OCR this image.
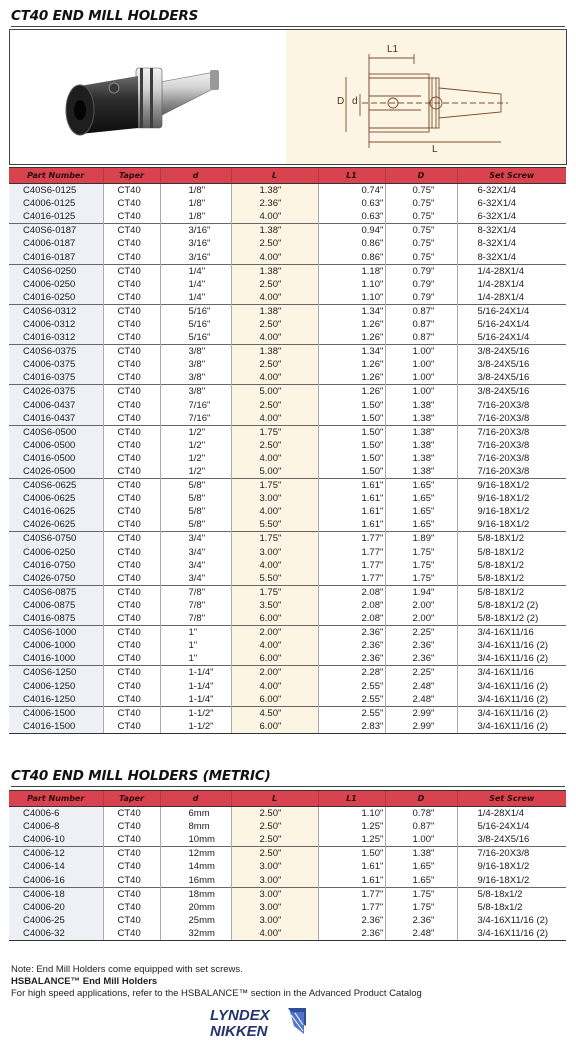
CT40 END MILL HOLDERS
L1
D d
L
Part Number	Taper	d	L	L1	D	Set Screw
C40S6-0125	CT40	1/8"	1.38"	0.74"	0.75"	6-32X1/4
C4006-0125	CT40	1/8"	2.36"	0.63"	0.75"	6-32X1/4
C4016-0125	CT40	1/8"	4.00"	0.63"	0.75"	6-32X1/4
C40S6-0187	CT40	3/16"	1.38"	0.94"	0.75"	8-32X1/4
C4006-0187	CT40	3/16"	2.50"	0.86"	0.75"	8-32X1/4
C4016-0187	CT40	3/16"	4.00"	0.86"	0.75"	8-32X1/4
C40S6-0250	CT40	1/4"	1.38"	1.18"	0.79"	1/4-28X1/4
C4006-0250	CT40	1/4"	2.50"	1.10"	0.79"	1/4-28X1/4
C4016-0250	CT40	1/4"	4.00"	1.10"	0.79"	1/4-28X1/4
C40S6-0312	CT40	5/16"	1.38"	1.34"	0.87"	5/16-24X1/4
C4006-0312	CT40	5/16"	2.50"	1.26"	0.87"	5/16-24X1/4
C4016-0312	CT40	5/16"	4.00"	1.26"	0.87"	5/16-24X1/4
C40S6-0375	CT40	3/8"	1.38"	1.34"	1.00"	3/8-24X5/16
C4006-0375	CT40	3/8"	2.50"	1.26"	1.00"	3/8-24X5/16
C4016-0375	CT40	3/8"	4.00"	1.26"	1.00"	3/8-24X5/16
C4026-0375	CT40	3/8"	5.00"	1.26"	1.00"	3/8-24X5/16
C4006-0437	CT40	7/16"	2.50"	1.50"	1.38"	7/16-20X3/8
C4016-0437	CT40	7/16"	4.00"	1.50"	1.38"	7/16-20X3/8
C40S6-0500	CT40	1/2"	1.75"	1.50"	1.38"	7/16-20X3/8
C4006-0500	CT40	1/2"	2.50"	1.50"	1.38"	7/16-20X3/8
C4016-0500	CT40	1/2"	4.00"	1.50"	1.38"	7/16-20X3/8
C4026-0500	CT40	1/2"	5.00"	1.50"	1.38"	7/16-20X3/8
C40S6-0625	CT40	5/8"	1.75"	1.61"	1.65"	9/16-18X1/2
C4006-0625	CT40	5/8"	3.00"	1.61"	1.65"	9/16-18X1/2
C4016-0625	CT40	5/8"	4.00"	1.61"	1.65"	9/16-18X1/2
C4026-0625	CT40	5/8"	5.50"	1.61"	1.65"	9/16-18X1/2
C40S6-0750	CT40	3/4"	1.75"	1.77"	1.89"	5/8-18X1/2
C4006-0250	CT40	3/4"	3.00"	1.77"	1.75"	5/8-18X1/2
C4016-0750	CT40	3/4"	4.00"	1.77"	1.75"	5/8-18X1/2
C4026-0750	CT40	3/4"	5.50"	1.77"	1.75"	5/8-18X1/2
C40S6-0875	CT40	7/8"	1.75"	2.08"	1.94"	5/8-18X1/2
C4006-0875	CT40	7/8"	3.50"	2.08"	2.00"	5/8-18X1/2 (2)
C4016-0875	CT40	7/8"	6.00"	2.08"	2.00"	5/8-18X1/2 (2)
C40S6-1000	CT40	1"	2.00"	2.36"	2.25"	3/4-16X11/16
C4006-1000	CT40	1"	4.00"	2.36"	2.36"	3/4-16X11/16 (2)
C4016-1000	CT40	1"	6.00"	2.36"	2.36"	3/4-16X11/16 (2)
C40S6-1250	CT40	1-1/4"	2.00"	2.28"	2.25"	3/4-16X11/16
C4006-1250	CT40	1-1/4"	4.00"	2.55"	2.48"	3/4-16X11/16 (2)
C4016-1250	CT40	1-1/4"	6.00"	2.55"	2.48"	3/4-16X11/16 (2)
C4006-1500	CT40	1-1/2"	4.50"	2.55"	2.99"	3/4-16X11/16 (2)
C4016-1500	CT40	1-1/2"	6.00"	2.83"	2.99"	3/4-16X11/16 (2)
CT40 END MILL HOLDERS (METRIC)
Part Number	Taper	d	L	L1	D	Set Screw
C4006-6	CT40	6mm	2.50"	1.10"	0.78"	1/4-28X1/4
C4006-8	CT40	8mm	2.50"	1.25"	0.87"	5/16-24X1/4
C4006-10	CT40	10mm	2.50"	1.25"	1.00"	3/8-24X5/16
C4006-12	CT40	12mm	2.50"	1.50"	1.38"	7/16-20X3/8
C4006-14	CT40	14mm	3.00"	1.61"	1.65"	9/16-18X1/2
C4006-16	CT40	16mm	3.00"	1.61"	1.65"	9/16-18X1/2
C4006-18	CT40	18mm	3.00"	1.77"	1.75"	5/8-18x1/2
C4006-20	CT40	20mm	3.00"	1.77"	1.75"	5/8-18x1/2
C4006-25	CT40	25mm	3.00"	2.36"	2.36"	3/4-16X11/16 (2)
C4006-32	CT40	32mm	4.00"	2.36"	2.48"	3/4-16X11/16 (2)
Note: End Mill Holders come equipped with set screws.
HSBALANCE™ End Mill Holders
For high speed applications, refer to the HSBALANCE™ section in the Advanced Product Catalog
LYNDEX
NIKKEN
